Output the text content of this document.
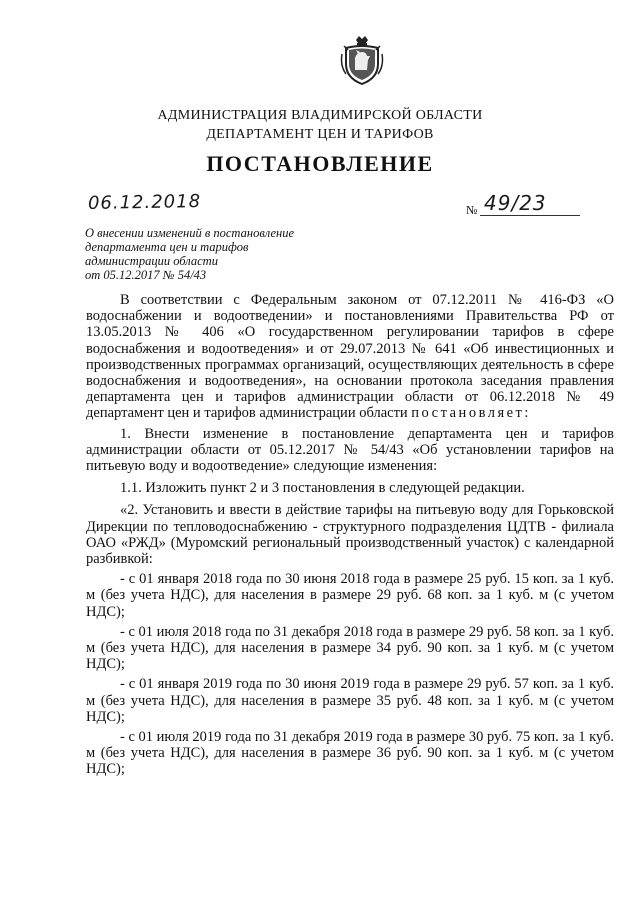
АДМИНИСТРАЦИЯ ВЛАДИМИРСКОЙ ОБЛАСТИ
ДЕПАРТАМЕНТ ЦЕН И ТАРИФОВ
ПОСТАНОВЛЕНИЕ
06.12.2018	№ 49/23
О внесении изменений в постановление
департамента цен и тарифов
администрации области
от 05.12.2017 № 54/43

В соответствии с Федеральным законом от 07.12.2011 № 416-ФЗ «О водоснабжении и водоотведении» и постановлениями Правительства РФ от 13.05.2013 № 406 «О государственном регулировании тарифов в сфере водоснабжения и водоотведения» и от 29.07.2013 № 641 «Об инвестиционных и производственных программах организаций, осуществляющих деятельность в сфере водоснабжения и водоотведения», на основании протокола заседания правления департамента цен и тарифов администрации области от 06.12.2018 № 49 департамент цен и тарифов администрации области постановляет:

1. Внести изменение в постановление департамента цен и тарифов администрации области от 05.12.2017 № 54/43 «Об установлении тарифов на питьевую воду и водоотведение» следующие изменения:

1.1. Изложить пункт 2 и 3 постановления в следующей редакции.

«2. Установить и ввести в действие тарифы на питьевую воду для Горьковской Дирекции по тепловодоснабжению - структурного подразделения ЦДТВ - филиала ОАО «РЖД» (Муромский региональный производственный участок) с календарной разбивкой:

- с 01 января 2018 года по 30 июня 2018 года в размере 25 руб. 15 коп. за 1 куб. м (без учета НДС), для населения в размере 29 руб. 68 коп. за 1 куб. м (с учетом НДС);
- с 01 июля 2018 года по 31 декабря 2018 года в размере 29 руб. 58 коп. за 1 куб. м (без учета НДС), для населения в размере 34 руб. 90 коп. за 1 куб. м (с учетом НДС);
- с 01 января 2019 года по 30 июня 2019 года в размере 29 руб. 57 коп. за 1 куб. м (без учета НДС), для населения в размере 35 руб. 48 коп. за 1 куб. м (с учетом НДС);
- с 01 июля 2019 года по 31 декабря 2019 года в размере 30 руб. 75 коп. за 1 куб. м (без учета НДС), для населения в размере 36 руб. 90 коп. за 1 куб. м (с учетом НДС);
